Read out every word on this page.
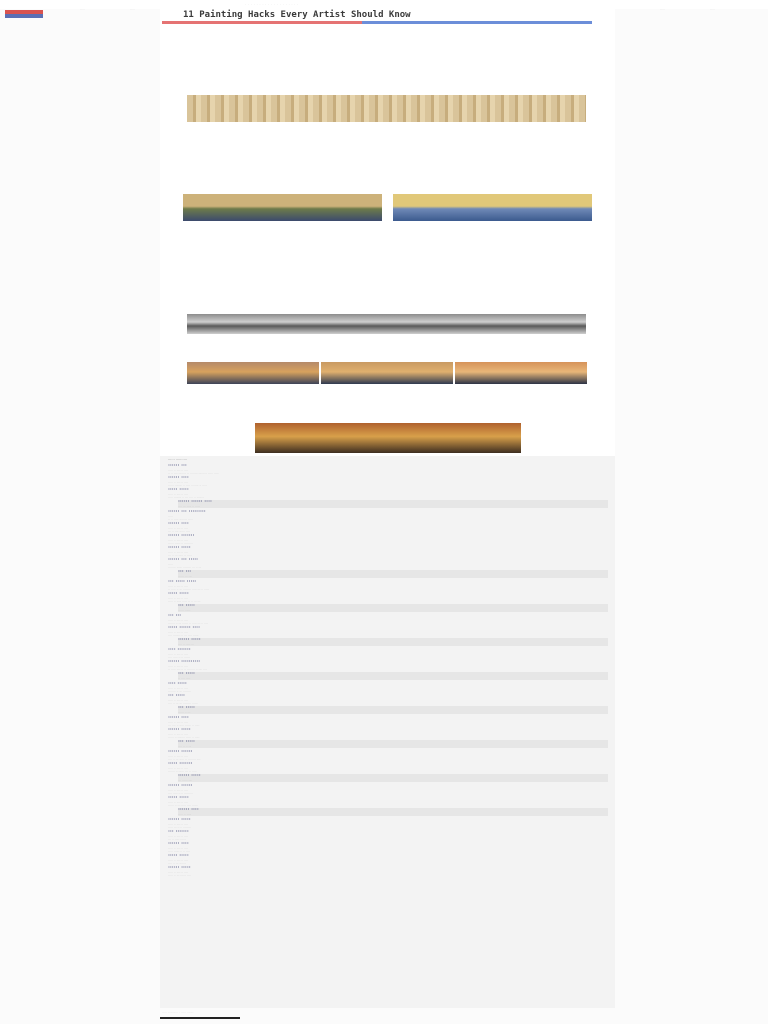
· · · · · · · · · · · · · · · · · · ·
·····	·····	·····	·····
11 Painting Hacks Every Artist Should Know
······ ··········
······ ···
····· ·· ···· ·· ····
·· ·· ···· ········ ·· ········ ········· ····· ·····
······ ····
····· ·· ···· ·· ····
······ ········ ·· ···· ········ ·· ·····
····· ·····
····· ·· ···· ·· ····
····· ········ ·· ··· ···· ·· ········
······ ······ ····
···· ··· ····· ·· ·····
······ ··· ·········
·····
·· ·· ····· ········ ·····
······ ····
····· ·· ···· ·· ····
··· ·· ···· ······ ····
······ ·······
····· ·· ···· ·· ····
······ ······ ·· ·········
······ ·····
····· ·· ···· ·· ····
··· ·· ··· ····· ·· ·····
······ ··· ·····
·····
········ ······ ········ ··· ·· ···
··· ···
······ ··· ····
··· ····· ·····
····· ·· ···· ·· ····
·· ····· ·· ··· ········ ····· ··· ·· ·····
····· ·····
····· ·· ···· ·· ····
····· ·· ····· ····· ·· ·· ··· ···
··· ·····
······ ······
··· ···
····· ·· ···· ·· ····
······· ·· ··· ······ ·· ····· ··· ·· ····
····· ······ ····
····· ·· ···· ·· ····
···· ········ ·· ··· ···· ······
······ ·····
···· ·· ····· ···
···· ·······
····· ·· ···· ·· ····
···· ····· ·· ·· ······
······ ··········
····· ·· ···· ·· ····
·· ····· ···· ·· ·· ········ ·· ···· ····
··· ·····
·· ···· ·····
···· ·····
····· ·· ···· ·· ····
········ ·· ··· ········
··· ·····
····· ·· ···· ·· ····
···· ·· ··· ··· ········ ······
··· ·····
······ ·· ···
······ ····
····· ·· ···· ·· ····
··· ···· ·· ····· ······ ·· ·····
······ ·····
····· ·· ···· ·· ····
······ ·· ········ ····· ·· ·····
··· ·····
···· ·· ·· ···
······ ······
····· ·· ···· ·· ····
···· ·· ··· ····· ·· ········ ····
····· ·······
····· ·· ···· ·· ····
······· ·· ······ ··· ·· ·····
······ ·····
··· ······ ····
······ ······
····· ·· ···· ·· ····
···· ····· ·· ·· ·········
····· ·····
····· ·· ···· ·· ····
······ ·· ··· ····· ···· ······
······ ····
····· ·· ·····
······ ·····
····· ·· ···· ·· ····
····· ··· ·· ·· ········
··· ·······
····· ·· ···· ·· ····
··· ·· ····· ······
······ ····
····· ·· ···· ·· ····
····· ······ ·· ·· ····
····· ·····
····· ·· ···· ·· ····
···· ·· ··· ·······
······ ·····
····· ·· ···· ·· ····
····· ·· ··· ······ ····
····· ··········· · ····· ·······
